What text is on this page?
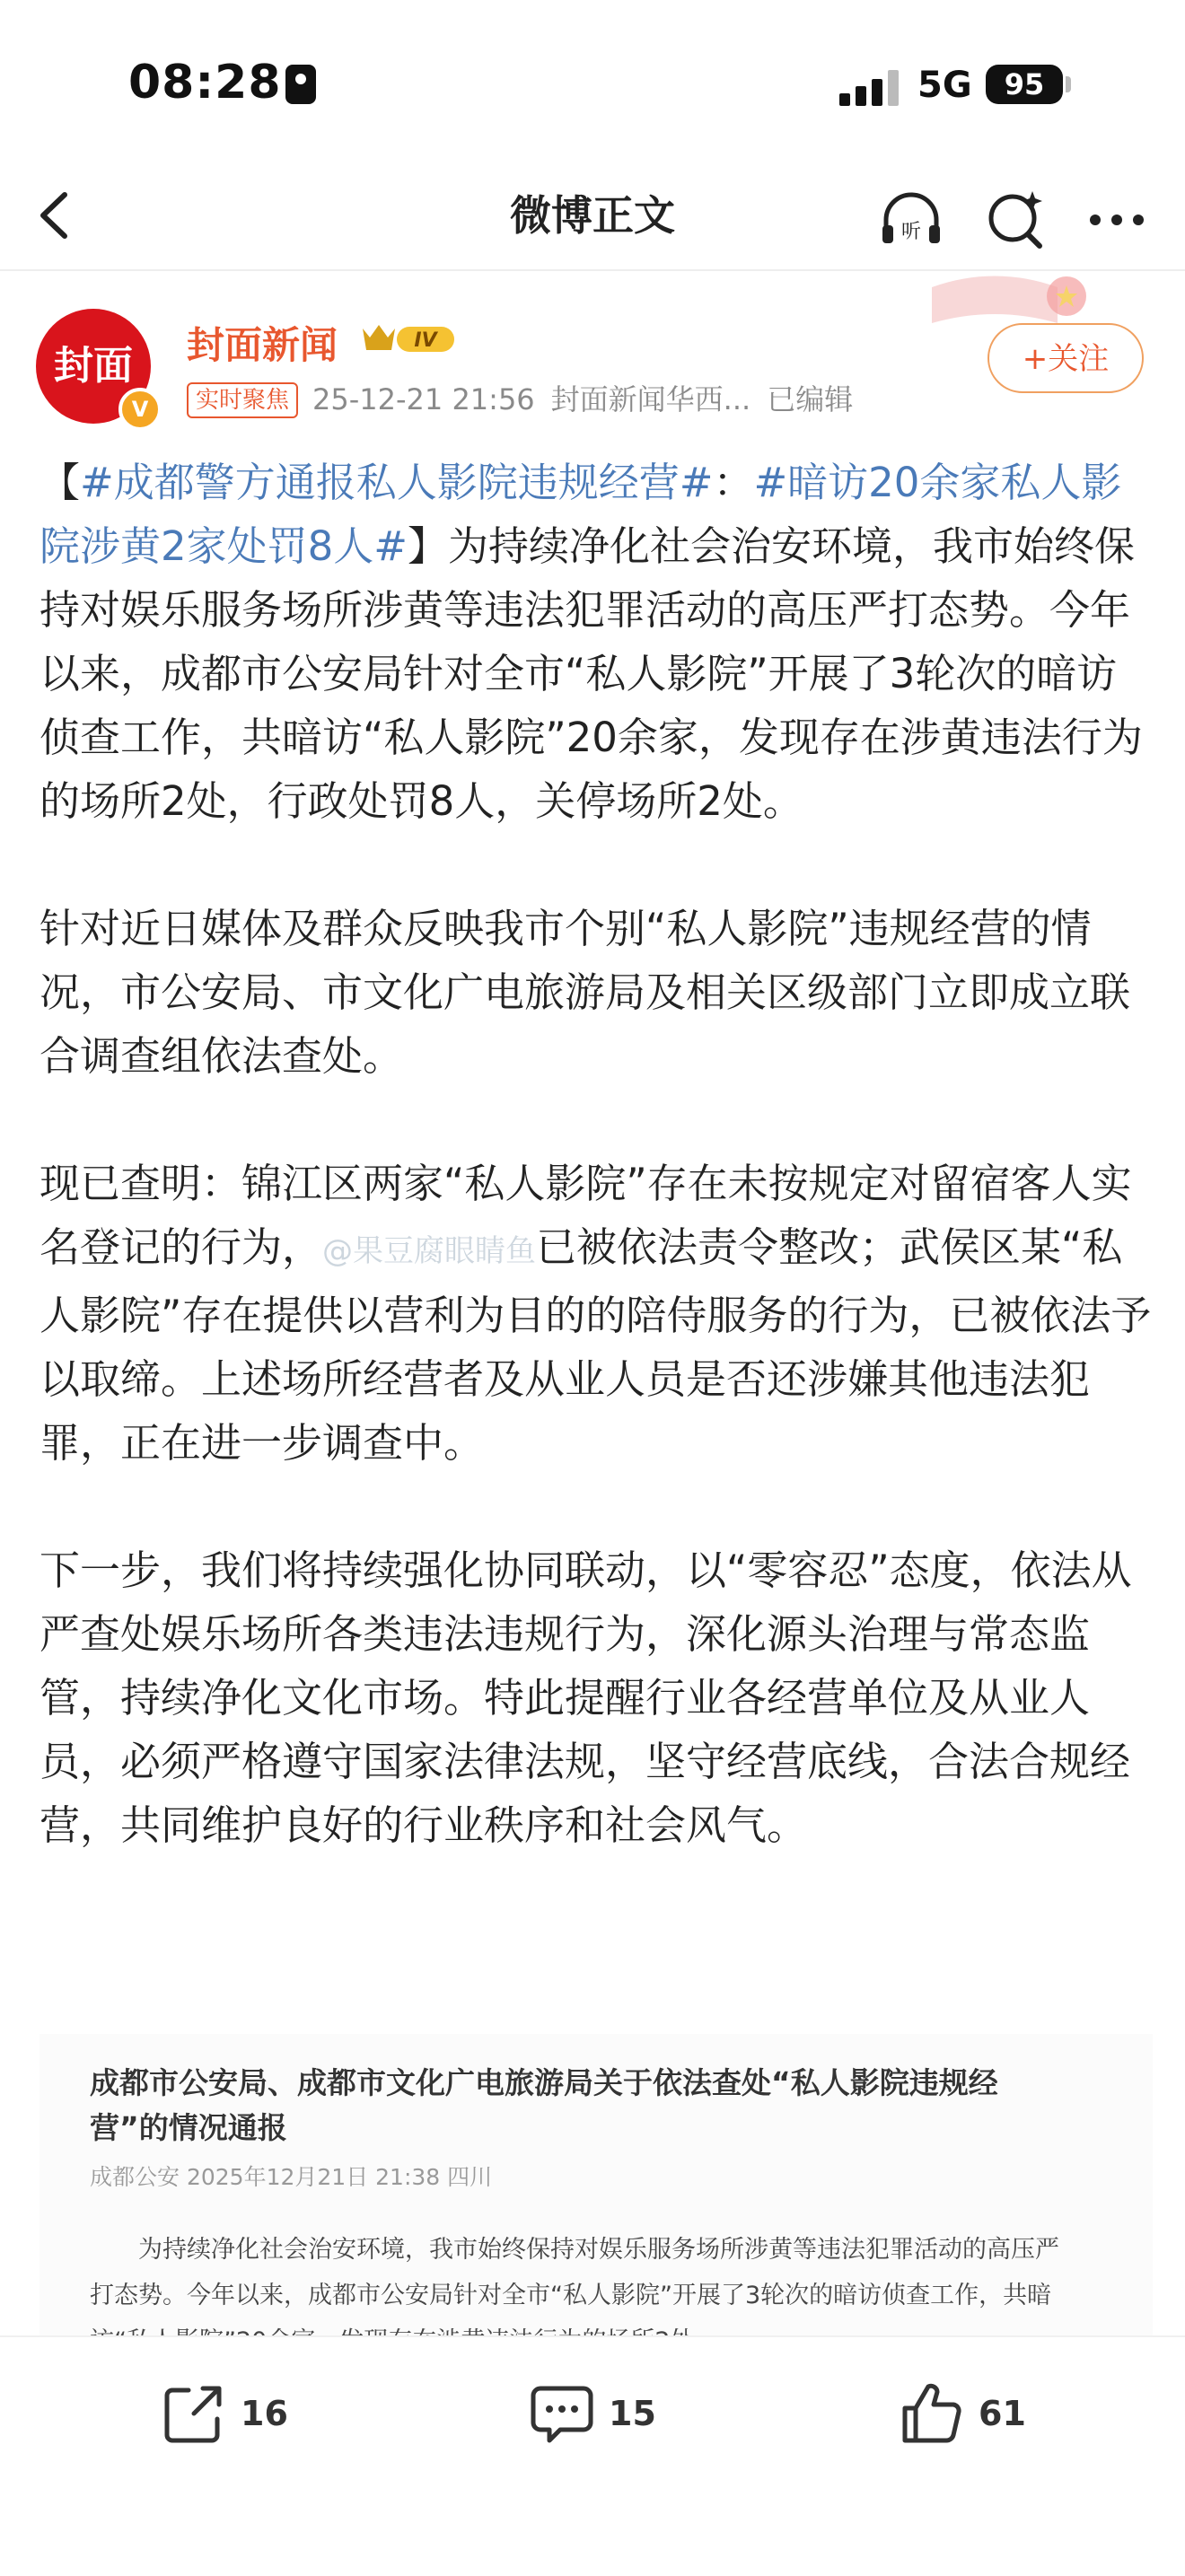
08:28	5G	95
微博正文	听
封面
V
封面新闻	IV
+关注
实时聚焦 25-12-21 21:56 封面新闻华西... 已编辑

【#成都警方通报私人影院违规经营#：#暗访20余家私人影院涉黄2家处罚8人#】为持续净化社会治安环境，我市始终保持对娱乐服务场所涉黄等违法犯罪活动的高压严打态势。今年以来，成都市公安局针对全市“私人影院”开展了3轮次的暗访侦查工作，共暗访“私人影院”20余家，发现存在涉黄违法行为的场所2处，行政处罚8人，关停场所2处。

针对近日媒体及群众反映我市个别“私人影院”违规经营的情况，市公安局、市文化广电旅游局及相关区级部门立即成立联合调查组依法查处。

现已查明：锦江区两家“私人影院”存在未按规定对留宿客人实名登记的行为，@果豆腐眼睛鱼已被依法责令整改；武侯区某“私人影院”存在提供以营利为目的的陪侍服务的行为，已被依法予以取缔。上述场所经营者及从业人员是否还涉嫌其他违法犯罪，正在进一步调查中。

下一步，我们将持续强化协同联动，以“零容忍”态度，依法从严查处娱乐场所各类违法违规行为，深化源头治理与常态监管，持续净化文化市场。特此提醒行业各经营单位及从业人员，必须严格遵守国家法律法规，坚守经营底线，合法合规经营，共同维护良好的行业秩序和社会风气。

成都市公安局、成都市文化广电旅游局关于依法查处“私人影院违规经营”的情况通报
成都公安 2025年12月21日 21:38 四川
为持续净化社会治安环境，我市始终保持对娱乐服务场所涉黄等违法犯罪活动的高压严打态势。今年以来，成都市公安局针对全市“私人影院”开展了3轮次的暗访侦查工作，共暗
16	15	61
